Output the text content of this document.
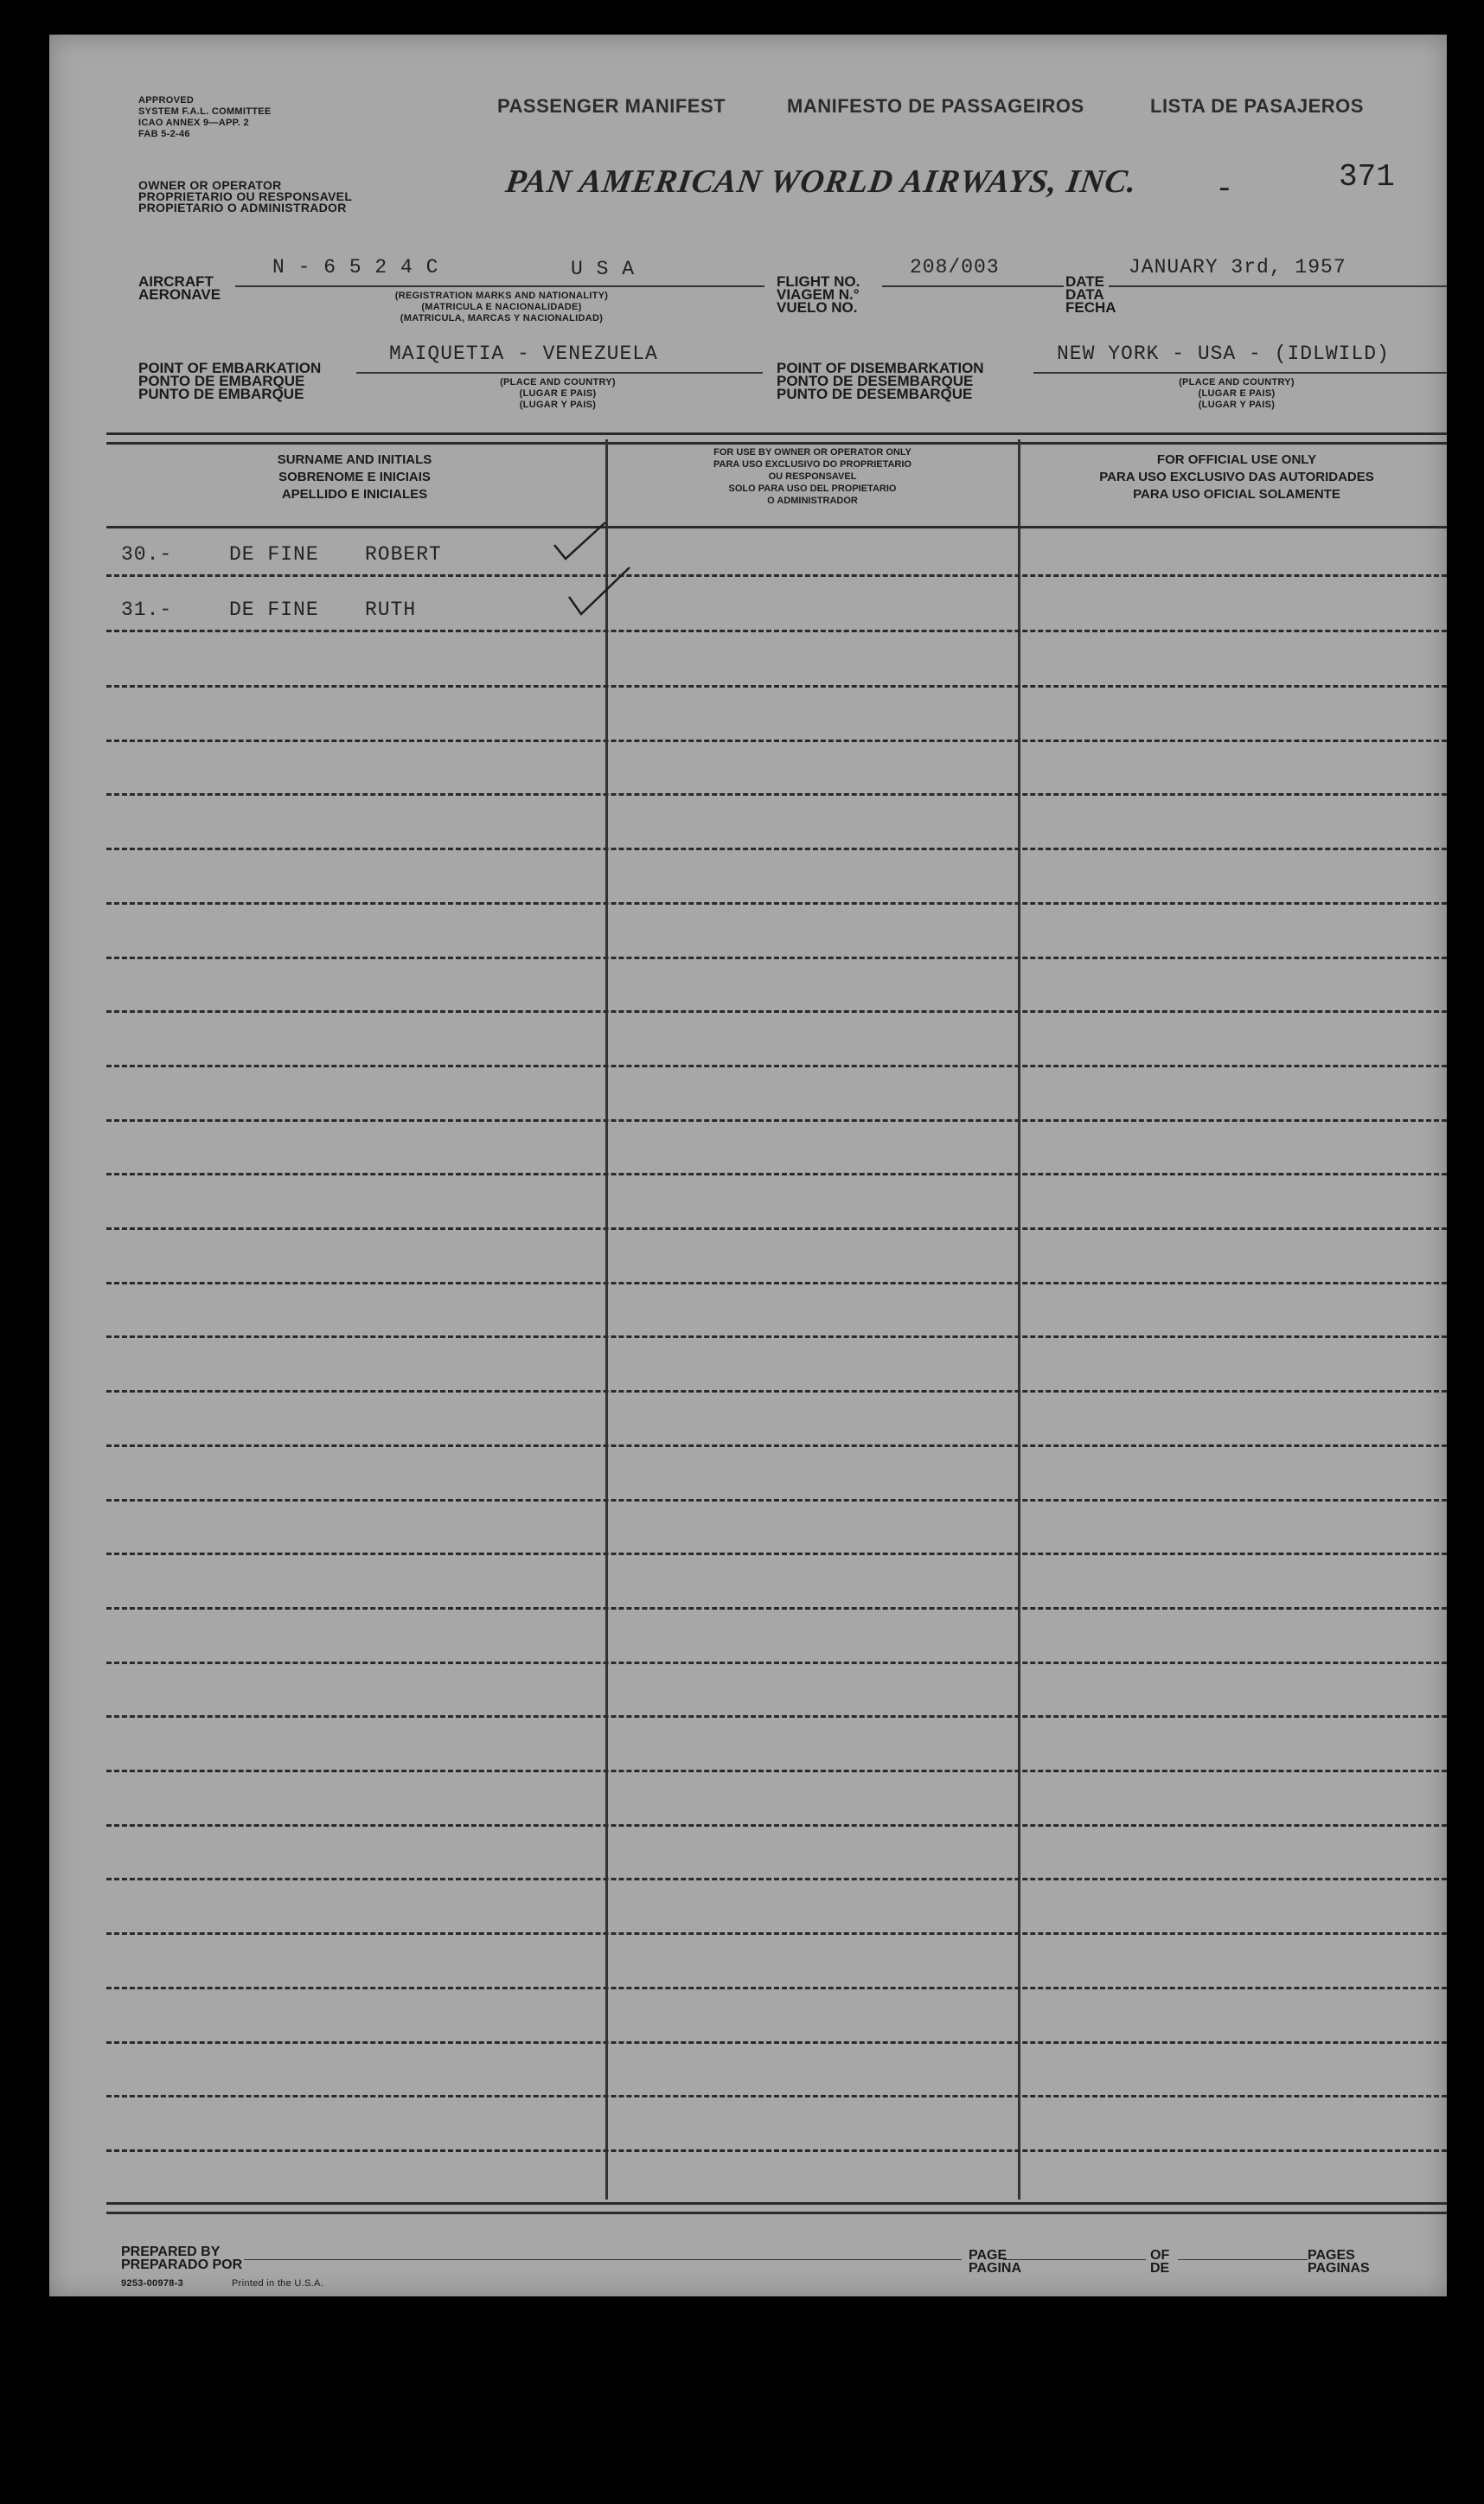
APPROVED
SYSTEM F.A.L. COMMITTEE
ICAO ANNEX 9—APP. 2
FAB 5-2-46
PASSENGER MANIFEST	MANIFESTO DE PASSAGEIROS	LISTA DE PASAJEROS
OWNER OR OPERATOR
PROPRIETARIO OU RESPONSAVEL
PROPIETARIO O ADMINISTRADOR
PAN AMERICAN WORLD AIRWAYS, INC. -	371
AIRCRAFT
AERONAVE
N - 6 5 2 4 C	U S A
(REGISTRATION MARKS AND NATIONALITY)
(MATRICULA E NACIONALIDADE)
(MATRICULA, MARCAS Y NACIONALIDAD)
FLIGHT NO.
VIAGEM N.°
VUELO NO.
208/003
DATE
DATA
FECHA
JANUARY 3rd, 1957
POINT OF EMBARKATION
PONTO DE EMBARQUE
PUNTO DE EMBARQUE
MAIQUETIA - VENEZUELA
(PLACE AND COUNTRY)
(LUGAR E PAIS)
(LUGAR Y PAIS)
POINT OF DISEMBARKATION
PONTO DE DESEMBARQUE
PUNTO DE DESEMBARQUE
NEW YORK - USA - (IDLWILD)
(PLACE AND COUNTRY)
(LUGAR E PAIS)
(LUGAR Y PAIS)
SURNAME AND INITIALS
SOBRENOME E INICIAIS
APELLIDO E INICIALES
FOR USE BY OWNER OR OPERATOR ONLY
PARA USO EXCLUSIVO DO PROPRIETARIO
OU RESPONSAVEL
SOLO PARA USO DEL PROPIETARIO
O ADMINISTRADOR
FOR OFFICIAL USE ONLY
PARA USO EXCLUSIVO DAS AUTORIDADES
PARA USO OFICIAL SOLAMENTE
30.-	DE FINE ROBERT
31.-	DE FINE RUTH
PREPARED BY
PREPARADO POR
9253-00978-3	Printed in the U.S.A.
PAGE
PAGINA
OF
DE
PAGES
PAGINAS
